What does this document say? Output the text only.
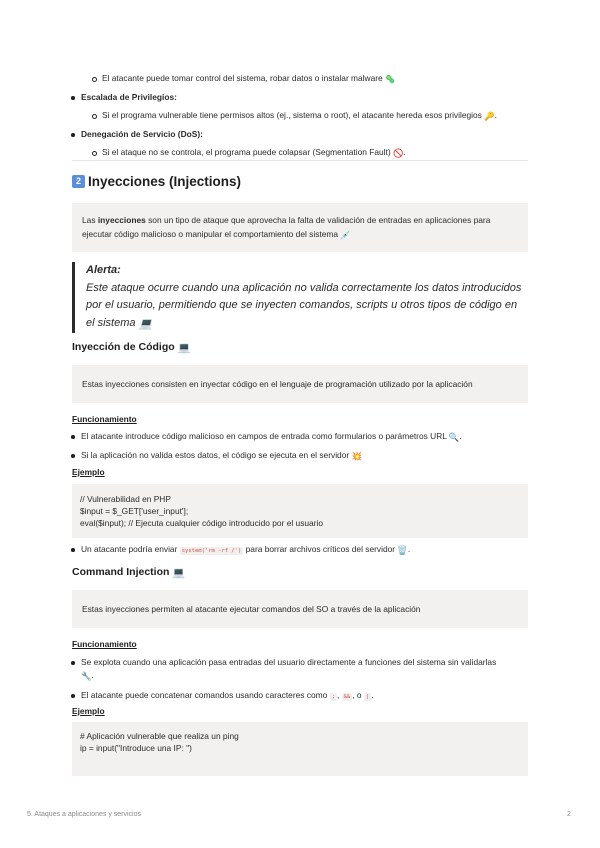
El atacante puede tomar control del sistema, robar datos o instalar malware 🦠
Escalada de Privilegios:
Si el programa vulnerable tiene permisos altos (ej., sistema o root), el atacante hereda esos privilegios 🔑.
Denegación de Servicio (DoS):
Si el ataque no se controla, el programa puede colapsar (Segmentation Fault) 🚫.
2 Inyecciones (Injections)
Las inyecciones son un tipo de ataque que aprovecha la falta de validación de entradas en aplicaciones para ejecutar código malicioso o manipular el comportamiento del sistema 💉
Alerta:
Este ataque ocurre cuando una aplicación no valida correctamente los datos introducidos por el usuario, permitiendo que se inyecten comandos, scripts u otros tipos de código en el sistema 💻
Inyección de Código 💻
Estas inyecciones consisten en inyectar código en el lenguaje de programación utilizado por la aplicación
Funcionamiento
El atacante introduce código malicioso en campos de entrada como formularios o parámetros URL 🔍.
Si la aplicación no valida estos datos, el código se ejecuta en el servidor 💥
Ejemplo
// Vulnerabilidad en PHP
$input = $_GET['user_input'];
eval($input); // Ejecuta cualquier código introducido por el usuario
Un atacante podría enviar system('rm -rf /') para borrar archivos críticos del servidor 🗑️.
Command Injection 💻
Estas inyecciones permiten al atacante ejecutar comandos del SO a través de la aplicación
Funcionamiento
Se explota cuando una aplicación pasa entradas del usuario directamente a funciones del sistema sin validarlas 🔧.
El atacante puede concatenar comandos usando caracteres como ; , && , o | .
Ejemplo
# Aplicación vulnerable que realiza un ping
ip = input("Introduce una IP: ")
5. Ataques a aplicaciones y servicios	2
